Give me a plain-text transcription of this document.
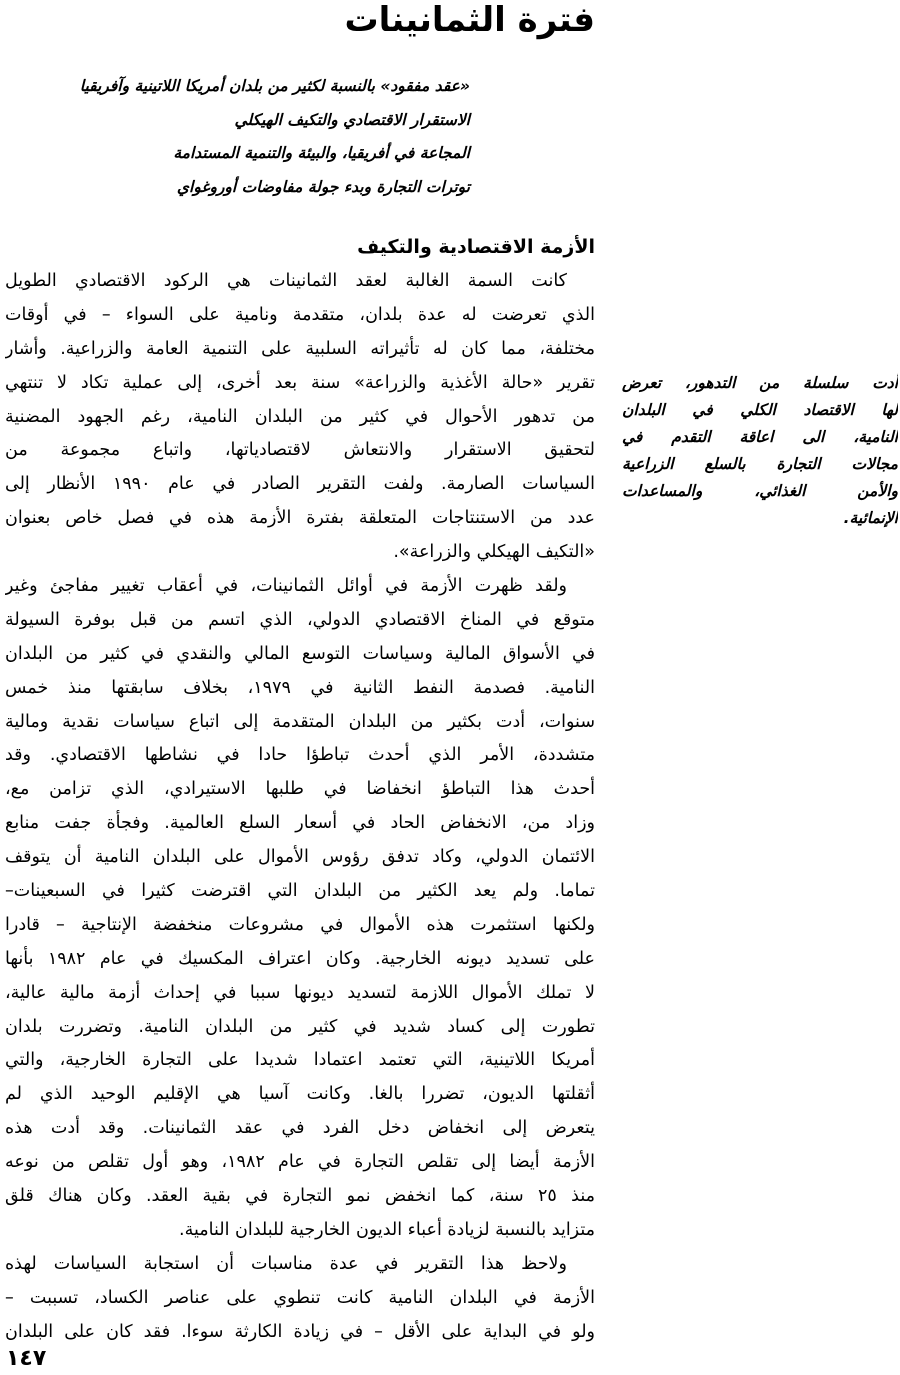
فترة الثمانينات
«عقد مفقود» بالنسبة لكثير من بلدان أمريكا اللاتينية وآفريقيا
الاستقرار الاقتصادي والتكيف الهيكلي
المجاعة في أفريقيا، والبيئة والتنمية المستدامة
توترات التجارة وبدء جولة مفاوضات أوروغواي
الأزمة الاقتصادية والتكيف
كانت السمة الغالبة لعقد الثمانينات هي الركود الاقتصادي الطويل
الذي تعرضت له عدة بلدان، متقدمة ونامية على السواء – في أوقات
مختلفة، مما كان له تأثيراته السلبية على التنمية العامة والزراعية. وأشار
تقرير «حالة الأغذية والزراعة» سنة بعد أخرى، إلى عملية تكاد لا تنتهي
من تدهور الأحوال في كثير من البلدان النامية، رغم الجهود المضنية
لتحقيق الاستقرار والانتعاش لاقتصادياتها، واتباع مجموعة من
السياسات الصارمة. ولفت التقرير الصادر في عام ١٩٩٠ الأنظار إلى
عدد من الاستنتاجات المتعلقة بفترة الأزمة هذه في فصل خاص بعنوان
«التكيف الهيكلي والزراعة».
ولقد ظهرت الأزمة في أوائل الثمانينات، في أعقاب تغيير مفاجئ وغير
متوقع في المناخ الاقتصادي الدولي، الذي اتسم من قبل بوفرة السيولة
في الأسواق المالية وسياسات التوسع المالي والنقدي في كثير من البلدان
النامية. فصدمة النفط الثانية في ١٩٧٩، بخلاف سابقتها منذ خمس
سنوات، أدت بكثير من البلدان المتقدمة إلى اتباع سياسات نقدية ومالية
متشددة، الأمر الذي أحدث تباطؤا حادا في نشاطها الاقتصادي. وقد
أحدث هذا التباطؤ انخفاضا في طلبها الاستيرادي، الذي تزامن مع،
وزاد من، الانخفاض الحاد في أسعار السلع العالمية. وفجأة جفت منابع
الائتمان الدولي، وكاد تدفق رؤوس الأموال على البلدان النامية أن يتوقف
تماما. ولم يعد الكثير من البلدان التي اقترضت كثيرا في السبعينات–
ولكنها استثمرت هذه الأموال في مشروعات منخفضة الإنتاجية – قادرا
على تسديد ديونه الخارجية. وكان اعتراف المكسيك في عام ١٩٨٢ بأنها
لا تملك الأموال اللازمة لتسديد ديونها سببا في إحداث أزمة مالية عالية،
تطورت إلى كساد شديد في كثير من البلدان النامية. وتضررت بلدان
أمريكا اللاتينية، التي تعتمد اعتمادا شديدا على التجارة الخارجية، والتي
أثقلتها الديون، تضررا بالغا. وكانت آسيا هي الإقليم الوحيد الذي لم
يتعرض إلى انخفاض دخل الفرد في عقد الثمانينات. وقد أدت هذه
الأزمة أيضا إلى تقلص التجارة في عام ١٩٨٢، وهو أول تقلص من نوعه
منذ ٢٥ سنة، كما انخفض نمو التجارة في بقية العقد. وكان هناك قلق
متزايد بالنسبة لزيادة أعباء الديون الخارجية للبلدان النامية.
ولاحظ هذا التقرير في عدة مناسبات أن استجابة السياسات لهذه
الأزمة في البلدان النامية كانت تنطوي على عناصر الكساد، تسببت –
ولو في البداية على الأقل – في زيادة الكارثة سوءا. فقد كان على البلدان
أدت سلسلة من التدهور، تعرض
لها الاقتصاد الكلي في البلدان
النامية، الى اعاقة التقدم في
مجالات التجارة بالسلع الزراعية
والأمن الغذائي، والمساعدات
الإنمائية.
١٤٧
